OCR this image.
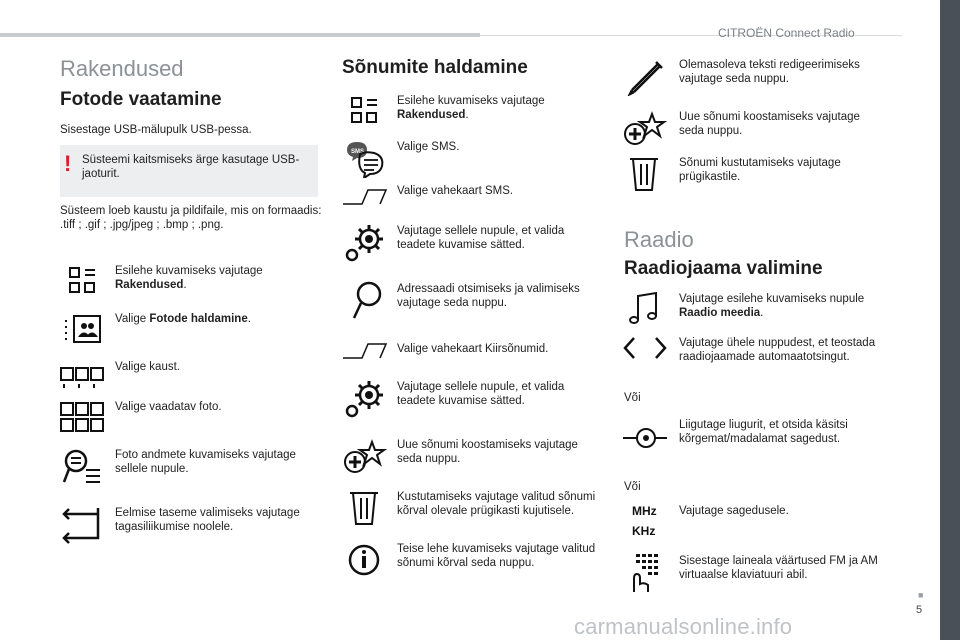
CITROËN Connect Radio
■
5
carmanualsonline.info
Rakendused
Fotode vaatamine
Sisestage USB-mälupulk USB-pessa.
! Süsteemi kaitsmiseks ärge kasutage USB-jaoturit.
Süsteem loeb kaustu ja pildifaile, mis on formaadis: .tiff ; .gif ; .jpg/jpeg ; .bmp ; .png.
Esilehe kuvamiseks vajutage Rakendused.
Valige Fotode haldamine.
Valige kaust.
Valige vaadatav foto.
Foto andmete kuvamiseks vajutage sellele nupule.
Eelmise taseme valimiseks vajutage tagasiliikumise noolele.
Sõnumite haldamine
Esilehe kuvamiseks vajutage Rakendused.
SMS	Valige SMS.
Valige vahekaart SMS.
Vajutage sellele nupule, et valida teadete kuvamise sätted.
Adressaadi otsimiseks ja valimiseks vajutage seda nuppu.
Valige vahekaart Kiirsõnumid.
Vajutage sellele nupule, et valida teadete kuvamise sätted.
Uue sõnumi koostamiseks vajutage seda nuppu.
Kustutamiseks vajutage valitud sõnumi kõrval olevale prügikasti kujutisele.
Teise lehe kuvamiseks vajutage valitud sõnumi kõrval seda nuppu.
Olemasoleva teksti redigeerimiseks vajutage seda nuppu.
Uue sõnumi koostamiseks vajutage seda nuppu.
Sõnumi kustutamiseks vajutage prügikastile.
Raadio
Raadiojaama valimine
Vajutage esilehe kuvamiseks nupule Raadio meedia.
Vajutage ühele nuppudest, et teostada raadiojaamade automaatotsingut.
Või
Liigutage liugurit, et otsida käsitsi kõrgemat/madalamat sagedust.
Või
MHz
KHz
Vajutage sagedusele.
Sisestage laineala väärtused FM ja AM virtuaalse klaviatuuri abil.
